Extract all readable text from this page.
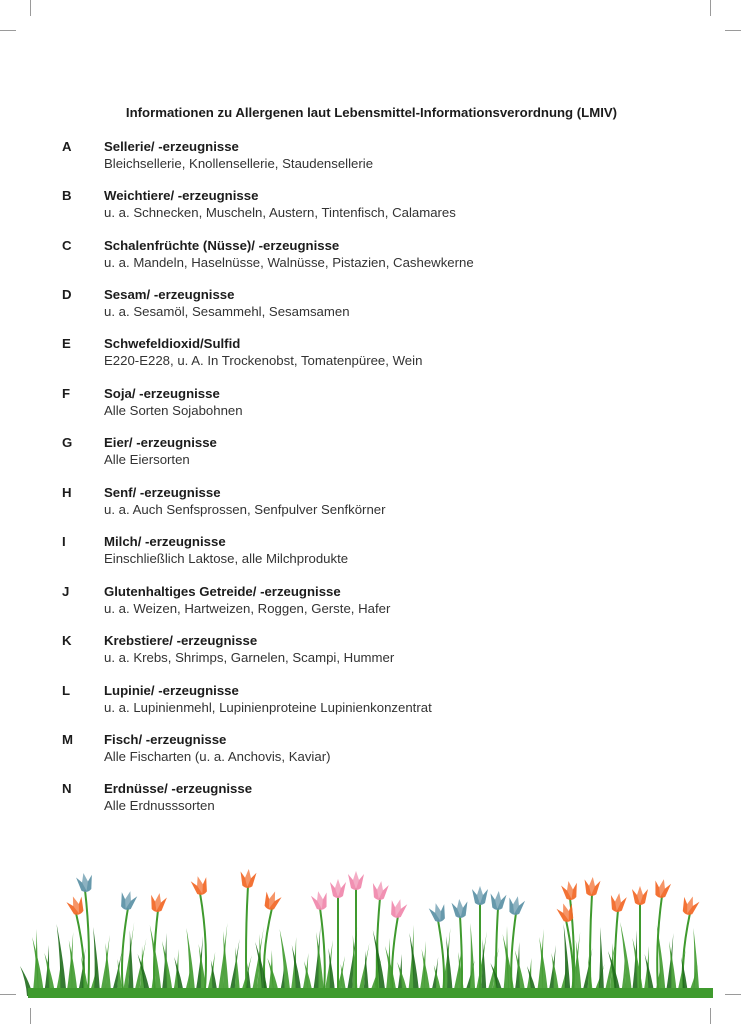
Informationen zu Allergenen laut Lebensmittel-Informationsverordnung (LMIV)
A Sellerie/ -erzeugnisse
Bleichsellerie, Knollensellerie, Staudensellerie
B Weichtiere/ -erzeugnisse
u. a. Schnecken, Muscheln, Austern, Tintenfisch, Calamares
C Schalenfrüchte (Nüsse)/ -erzeugnisse
u. a. Mandeln, Haselnüsse, Walnüsse, Pistazien, Cashewkerne
D Sesam/ -erzeugnisse
u. a. Sesamöl, Sesammehl, Sesamsamen
E	Schwefeldioxid/Sulfid
E220-E228, u. A. In Trockenobst, Tomatenpüree, Wein
F	Soja/ -erzeugnisse
Alle Sorten Sojabohnen
G Eier/ -erzeugnisse
Alle Eiersorten
H Senf/ -erzeugnisse
u. a. Auch Senfsprossen, Senfpulver Senfkörner
I	Milch/ -erzeugnisse
Einschließlich Laktose, alle Milchprodukte
J	Glutenhaltiges Getreide/ -erzeugnisse
u. a. Weizen, Hartweizen, Roggen, Gerste, Hafer
K Krebstiere/ -erzeugnisse
u. a. Krebs, Shrimps, Garnelen, Scampi, Hummer
L	Lupinie/ -erzeugnisse
u. a. Lupinienmehl, Lupinienproteine Lupinienkonzentrat
M Fisch/ -erzeugnisse
Alle Fischarten (u. a. Anchovis, Kaviar)
N Erdnüsse/ -erzeugnisse
Alle Erdnusssorten
